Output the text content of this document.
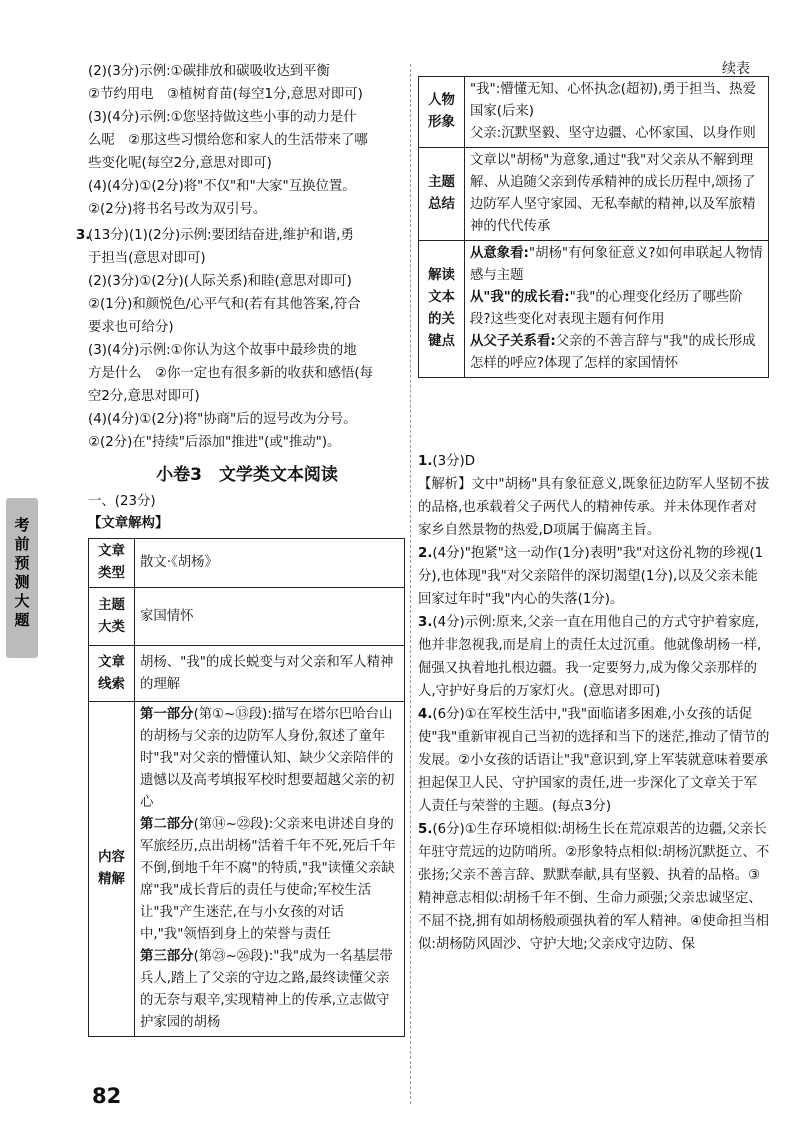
(2)(3分)示例:①碳排放和碳吸收达到平衡

②节约用电　③植树育苗(每空1分,意思对即可)

(3)(4分)示例:①您坚持做这些小事的动力是什

么呢　②那这些习惯给您和家人的生活带来了哪

些变化呢(每空2分,意思对即可)

(4)(4分)①(2分)将"不仅"和"大家"互换位置。

②(2分)将书名号改为双引号。

3.

(13分)(1)(2分)示例:要团结奋进,维护和谐,勇

于担当(意思对即可)

(2)(3分)①(2分)(人际关系)和睦(意思对即可)

②(1分)和颜悦色/心平气和(若有其他答案,符合

要求也可给分)

(3)(4分)示例:①你认为这个故事中最珍贵的地

方是什么　②你一定也有很多新的收获和感悟(每

空2分,意思对即可)

(4)(4分)①(2分)将"协商"后的逗号改为分号。

②(2分)在"持续"后添加"推进"(或"推动")。

小卷3　文学类文本阅读

一、(23分)

【文章解构】

文章类型	散文·《胡杨》
主题大类	家国情怀
文章线索	胡杨、"我"的成长蜕变与对父亲和军人精神的理解
内容精解	第一部分(第①~⑬段):描写在塔尔巴哈台山的胡杨与父亲的边防军人身份,叙述了童年时"我"对父亲的懵懂认知、缺少父亲陪伴的遗憾以及高考填报军校时想要超越父亲的初心
第二部分(第⑭~㉒段):父亲来电讲述自身的军旅经历,点出胡杨"活着千年不死,死后千年不倒,倒地千年不腐"的特质,"我"读懂父亲缺席"我"成长背后的责任与使命;军校生活让"我"产生迷茫,在与小女孩的对话中,"我"领悟到身上的荣誉与责任
第三部分(第㉓~㉖段):"我"成为一名基层带兵人,踏上了父亲的守边之路,最终读懂父亲的无奈与艰辛,实现精神上的传承,立志做守护家园的胡杨
考
前
预
测
大
题
续表
人物形象	"我":懵懂无知、心怀执念(超初),勇于担当、热爱国家(后来)
父亲:沉默坚毅、坚守边疆、心怀家国、以身作则
主题总结	文章以"胡杨"为意象,通过"我"对父亲从不解到理解、从追随父亲到传承精神的成长历程中,颂扬了边防军人坚守家园、无私奉献的精神,以及军旅精神的代代传承
解读文本的关键点	从意象看:"胡杨"有何象征意义?如何串联起人物情感与主题
从"我"的成长看:"我"的心理变化经历了哪些阶段?这些变化对表现主题有何作用
从父子关系看:父亲的不善言辞与"我"的成长形成怎样的呼应?体现了怎样的家国情怀

1.(3分)D

【解析】文中"胡杨"具有象征意义,既象征边防军人坚韧不拔的品格,也承载着父子两代人的精神传承。并未体现作者对家乡自然景物的热爱,D项属于偏离主旨。

2.(4分)"抱紧"这一动作(1分)表明"我"对这份礼物的珍视(1分),也体现"我"对父亲陪伴的深切渴望(1分),以及父亲未能回家过年时"我"内心的失落(1分)。

3.(4分)示例:原来,父亲一直在用他自己的方式守护着家庭,他并非忽视我,而是肩上的责任太过沉重。他就像胡杨一样,倔强又执着地扎根边疆。我一定要努力,成为像父亲那样的人,守护好身后的万家灯火。(意思对即可)

4.(6分)①在军校生活中,"我"面临诸多困难,小女孩的话促使"我"重新审视自己当初的选择和当下的迷茫,推动了情节的发展。②小女孩的话语让"我"意识到,穿上军装就意味着要承担起保卫人民、守护国家的责任,进一步深化了文章关于军人责任与荣誉的主题。(每点3分)

5.(6分)①生存环境相似:胡杨生长在荒凉艰苦的边疆,父亲长年驻守荒远的边防哨所。②形象特点相似:胡杨沉默挺立、不张扬;父亲不善言辞、默默奉献,具有坚毅、执着的品格。③精神意志相似:胡杨千年不倒、生命力顽强;父亲忠诚坚定、不屈不挠,拥有如胡杨般顽强执着的军人精神。④使命担当相似:胡杨防风固沙、守护大地;父亲戍守边防、保

82
